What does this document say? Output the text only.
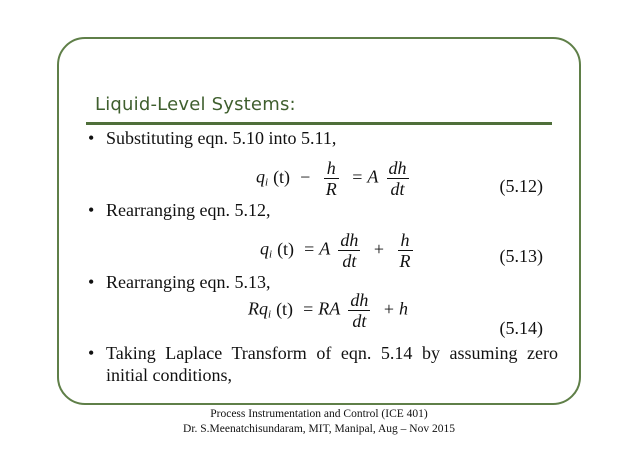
Liquid-Level Systems:
• Substituting eqn. 5.10 into 5.11,
$q_i$ $(t) - \frac{h}{R} = A \frac{dh}{dt}$	(5.12)
• Rearranging eqn. 5.12,
$q_i$ (t) = A $\frac{dh}{dt} + \frac{h}{R}$	(5.13)
• Rearranging eqn. 5.13,
$Rq_i$ (t) = RA $\frac{dh}{dt} + h$
(5.14)
• Taking Laplace Transform of eqn. 5.14 by assuming zero initial conditions,
Process Instrumentation and Control (ICE 401)
Dr. S.Meenatchisundaram, MIT, Manipal, Aug – Nov 2015
